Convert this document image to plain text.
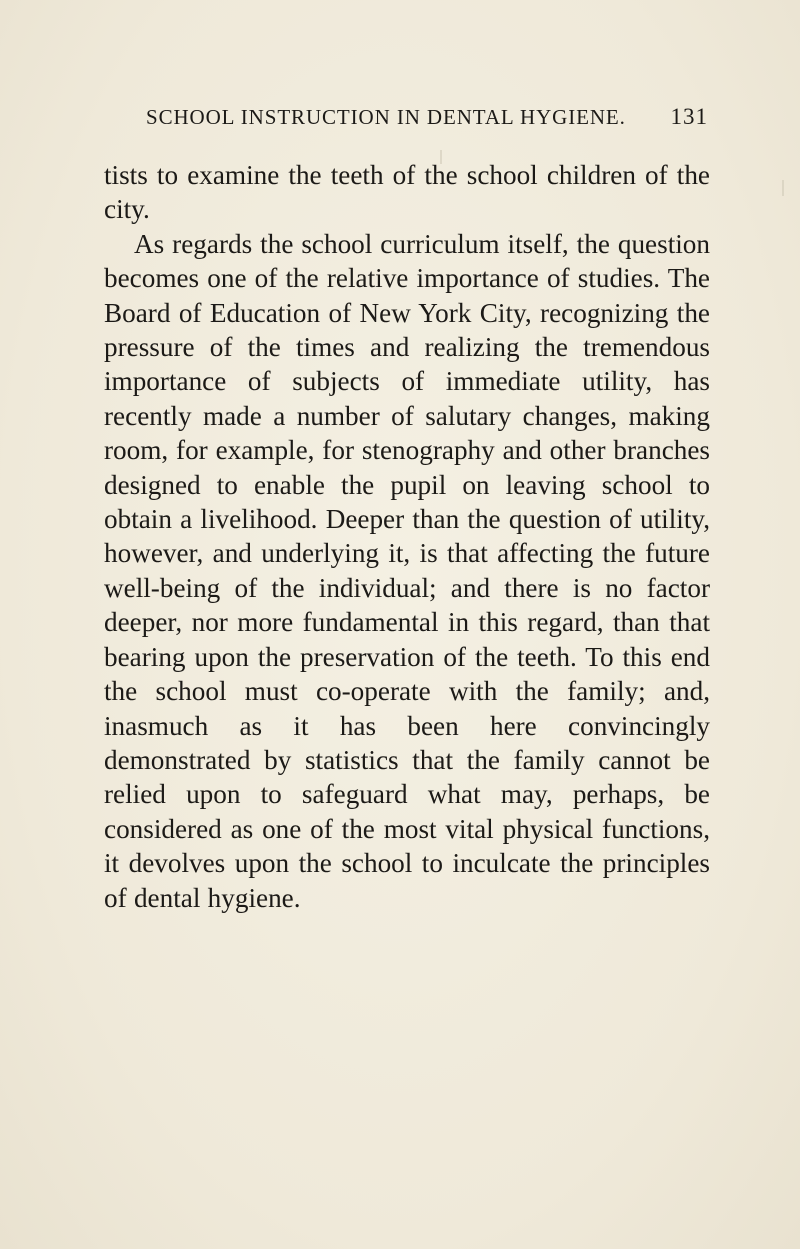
SCHOOL INSTRUCTION IN DENTAL HYGIENE. 131

tists to examine the teeth of the school children of the city.

As regards the school curriculum itself, the question becomes one of the relative importance of studies. The Board of Education of New York City, recognizing the pressure of the times and realizing the tremendous importance of subjects of immediate utility, has recently made a number of salutary changes, making room, for example, for stenography and other branches designed to enable the pupil on leaving school to obtain a livelihood. Deeper than the question of utility, however, and underlying it, is that affecting the future well-being of the individual; and there is no factor deeper, nor more fundamental in this regard, than that bearing upon the preservation of the teeth. To this end the school must co-operate with the family; and, inasmuch as it has been here convincingly demonstrated by statistics that the family cannot be relied upon to safeguard what may, perhaps, be considered as one of the most vital physical functions, it devolves upon the school to inculcate the principles of dental hygiene.
